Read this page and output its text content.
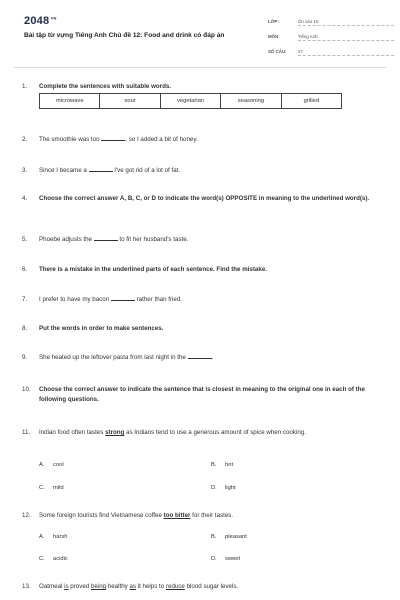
$2048^{.VN}$
Bài tập từ vựng Tiếng Anh Chủ đề 12: Food and drink có đáp án
LỚP:	Ôn vào 10
MÔN:	Tiếng Anh
SỐ CÂU:	27
1. Complete the sentences with suitable words.
microwave	sour	vegetarian	seasoning	grilled
2. The smoothie was too	, so I added a bit of honey.
3. Since I became a	I've got rid of a lot of fat.
4. Choose the correct answer A, B, C, or D to indicate the word(s) OPPOSITE in meaning to the underlined word(s).
5. Phoebe adjusts the	to fit her husband's taste.
6. There is a mistake in the underlined parts of each sentence. Find the mistake.
7. I prefer to have my bacon	rather than fried.
8. Put the words in order to make sentences.
9. She heated up the leftover pasta from last night in the	.
10. Choose the correct answer to indicate the sentence that is closest in meaning to the original one in each of the following questions.
11. Indian food often tastes strong as Indians tend to use a generous amount of spice when cooking.
A. cool	B. hot
C. mild	D. light
12. Some foreign tourists find Vietnamese coffee too bitter for their tastes.
A. harsh	B. pleasant
C. acidic	D. sweet
13. Oatmeal is proved being healthy as it helps to reduce blood sugar levels.
